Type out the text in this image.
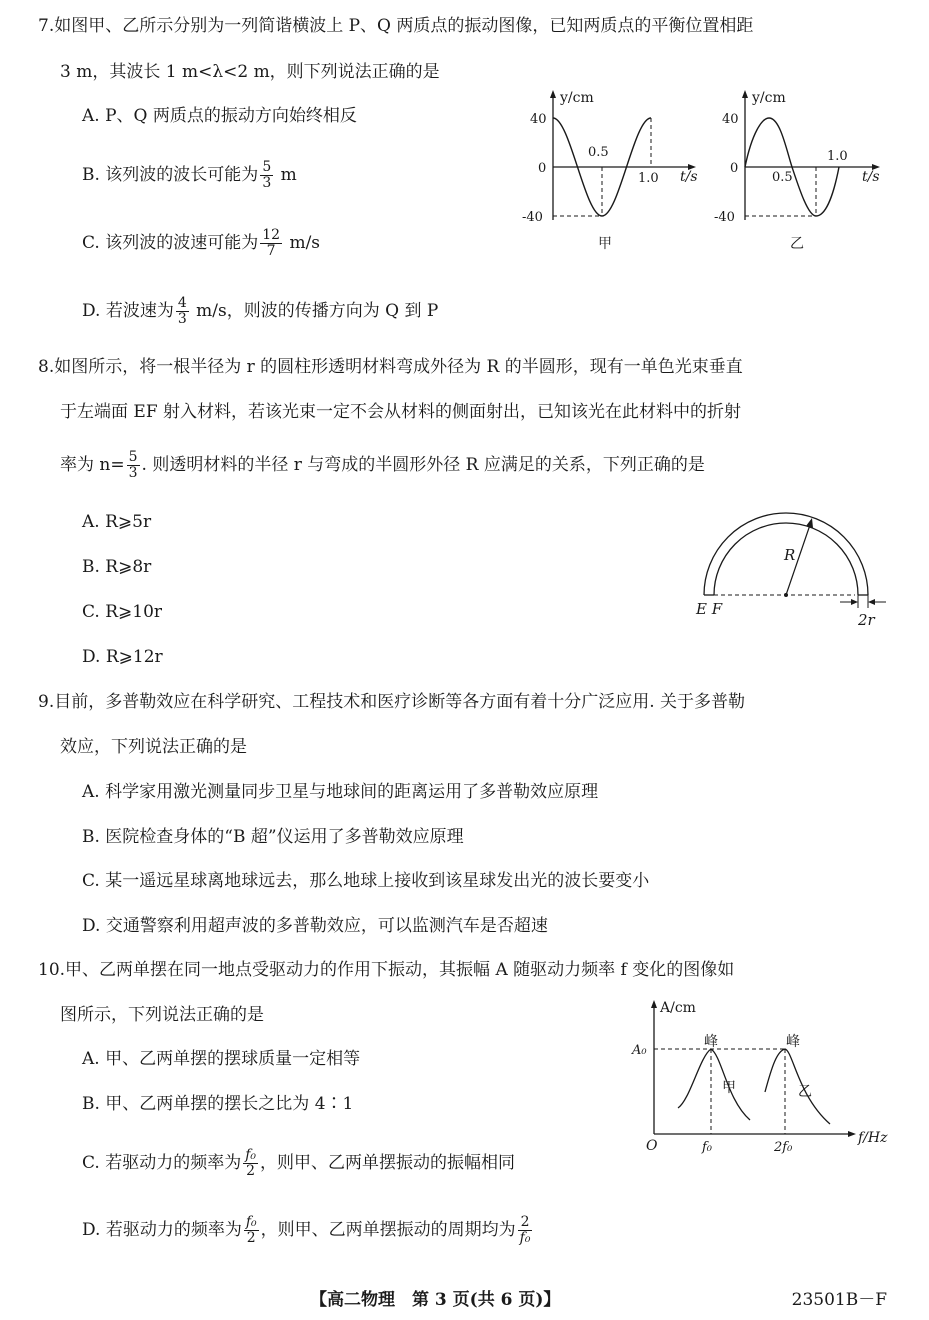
7.如图甲、乙所示分别为一列简谐横波上 P、Q 两质点的振动图像，已知两质点的平衡位置相距
3 m，其波长 1 m<λ<2 m，则下列说法正确的是
A. P、Q 两质点的振动方向始终相反
B. 该列波的波长可能为 $\frac{5}{3}$ m
C. 该列波的波速可能为 $\frac{12}{7} m/s$
D. 若波速为 $\frac{4}{3} m/s$，则波的传播方向为 Q 到 P
y/cm
t/s
40
0
-40
0.5
1.0
甲
y/cm
t/s
40
0
-40
0.5
1.0
乙
8.如图所示，将一根半径为 r 的圆柱形透明材料弯成外径为 R 的半圆形，现有一单色光束垂直
于左端面 EF 射入材料，若该光束一定不会从材料的侧面射出，已知该光在此材料中的折射
率为 $n= \frac{5}{3}$ . 则透明材料的半径 r 与弯成的半圆形外径 R 应满足的关系，下列正确的是
A. R⩾5r
B. R⩾8r
C. R⩾10r
D. R⩾12r
R
E F
2r
9.目前，多普勒效应在科学研究、工程技术和医疗诊断等各方面有着十分广泛应用. 关于多普勒
效应，下列说法正确的是
A. 科学家用激光测量同步卫星与地球间的距离运用了多普勒效应原理
B. 医院检查身体的“B 超”仪运用了多普勒效应原理
C. 某一遥远星球离地球远去，那么地球上接收到该星球发出光的波长要变小
D. 交通警察利用超声波的多普勒效应，可以监测汽车是否超速
10.甲、乙两单摆在同一地点受驱动力的作用下振动，其振幅 A 随驱动力频率 f 变化的图像如
图所示，下列说法正确的是
A. 甲、乙两单摆的摆球质量一定相等
B. 甲、乙两单摆的摆长之比为 4∶1
C. 若驱动力的频率为 $\frac{\text{f₀}}{2}$ ，则甲、乙两单摆振动的振幅相同
D. 若驱动力的频率为 $\frac{\text{f₀}}{2}$ ，则甲、乙两单摆振动的周期均为 $\frac{2}{\text{f₀}}$
A/cm
f/Hz
O
A₀
f₀	2f₀
峰	峰
甲	乙
【高二物理　第 3 页(共 6 页)】	23501B－F
